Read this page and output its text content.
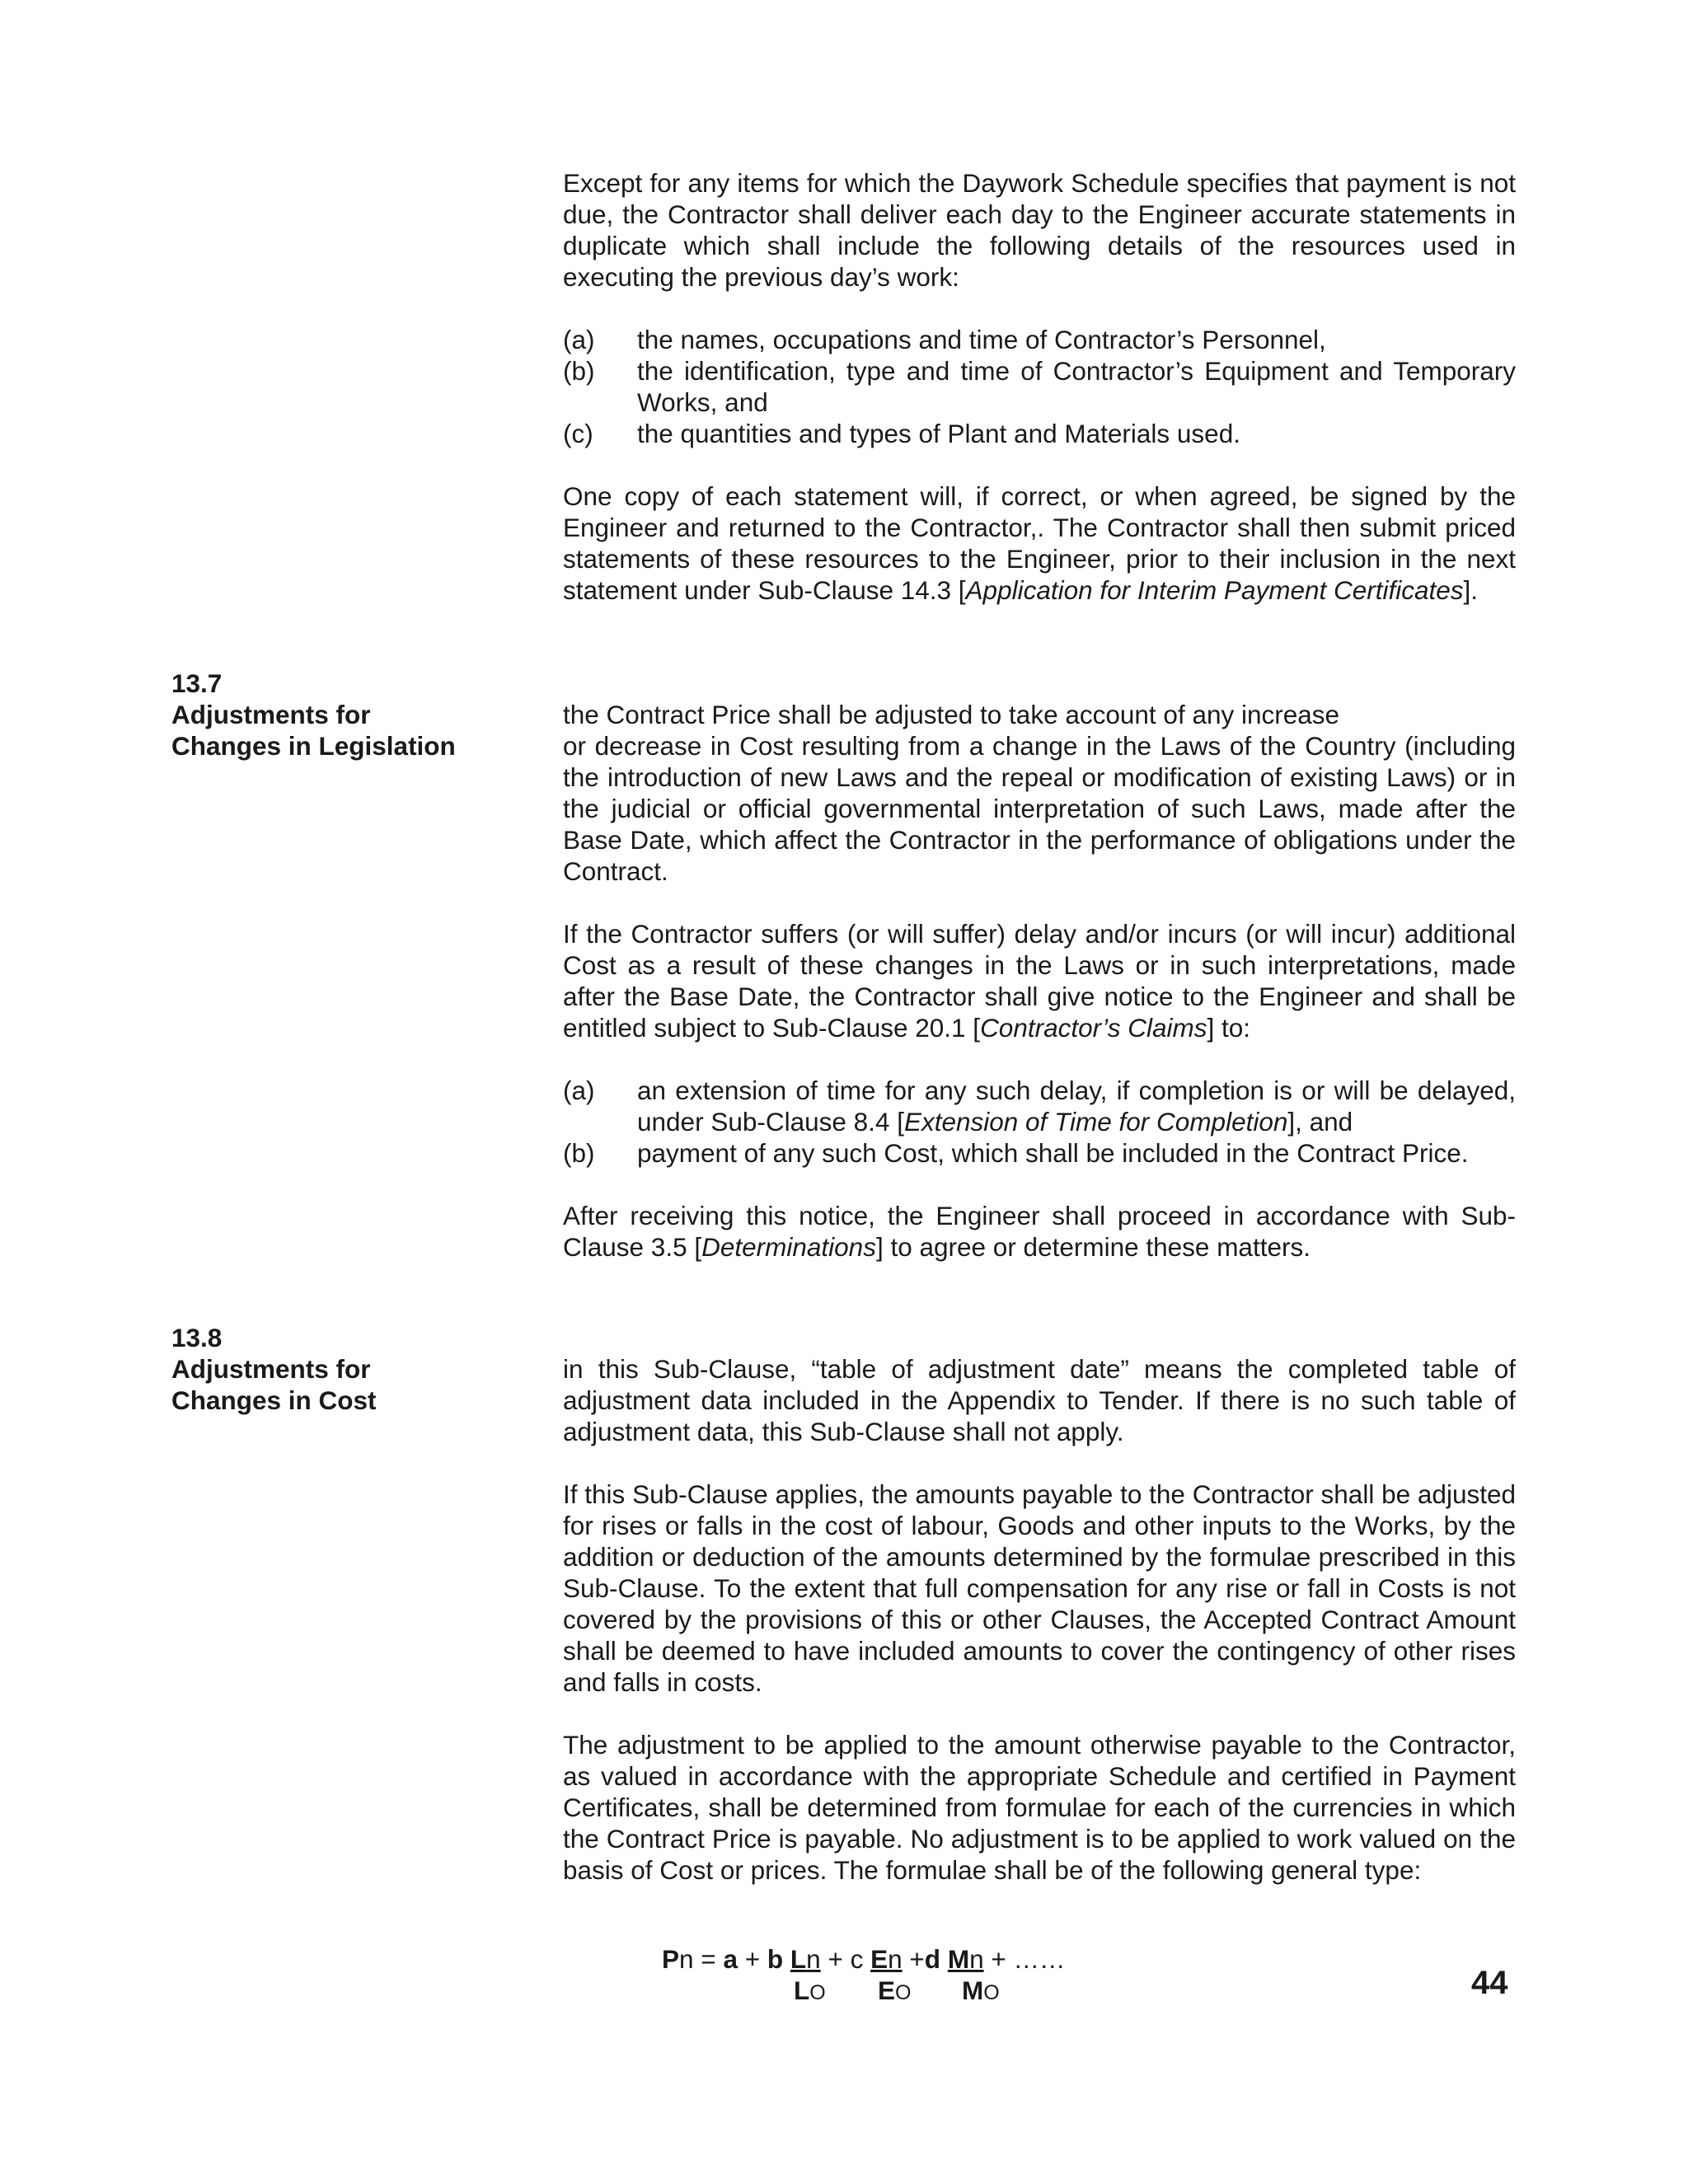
Except for any items for which the Daywork Schedule specifies that payment is not due, the Contractor shall deliver each day to the Engineer accurate statements in duplicate which shall include the following details of the resources used in executing the previous day’s work:

(a)	the names, occupations and time of Contractor’s Personnel,
(b)	the identification, type and time of Contractor’s Equipment and Temporary Works, and
(c)	the quantities and types of Plant and Materials used.

One copy of each statement will, if correct, or when agreed, be signed by the Engineer and returned to the Contractor,. The Contractor shall then submit priced statements of these resources to the Engineer, prior to their inclusion in the next statement under Sub-Clause 14.3 [Application for Interim Payment Certificates].

13.7
Adjustments for
Changes in Legislation

the Contract Price shall be adjusted to take account of any increase
or decrease in Cost resulting from a change in the Laws of the Country (including the introduction of new Laws and the repeal or modification of existing Laws) or in the judicial or official governmental interpretation of such Laws, made after the Base Date, which affect the Contractor in the performance of obligations under the Contract.

If the Contractor suffers (or will suffer) delay and/or incurs (or will incur) additional Cost as a result of these changes in the Laws or in such interpretations, made after the Base Date, the Contractor shall give notice to the Engineer and shall be entitled subject to Sub-Clause 20.1 [Contractor’s Claims] to:

(a)	an extension of time for any such delay, if completion is or will be delayed, under Sub-Clause 8.4 [Extension of Time for Completion], and
(b)	payment of any such Cost, which shall be included in the Contract Price.

After receiving this notice, the Engineer shall proceed in accordance with Sub-Clause 3.5 [Determinations] to agree or determine these matters.

13.8
Adjustments for
Changes in Cost

in this Sub-Clause, “table of adjustment date” means the completed table of adjustment data included in the Appendix to Tender. If there is no such table of adjustment data, this Sub-Clause shall not apply.

If this Sub-Clause applies, the amounts payable to the Contractor shall be adjusted for rises or falls in the cost of labour, Goods and other inputs to the Works, by the addition or deduction of the amounts determined by the formulae prescribed in this Sub-Clause. To the extent that full compensation for any rise or fall in Costs is not covered by the provisions of this or other Clauses, the Accepted Contract Amount shall be deemed to have included amounts to cover the contingency of other rises and falls in costs.

The adjustment to be applied to the amount otherwise payable to the Contractor, as valued in accordance with the appropriate Schedule and certified in Payment Certificates, shall be determined from formulae for each of the currencies in which the Contract Price is payable. No adjustment is to be applied to work valued on the basis of Cost or prices. The formulae shall be of the following general type:

Pn = a + b Ln + c En +d Mn + ……
LO EO MO	44
